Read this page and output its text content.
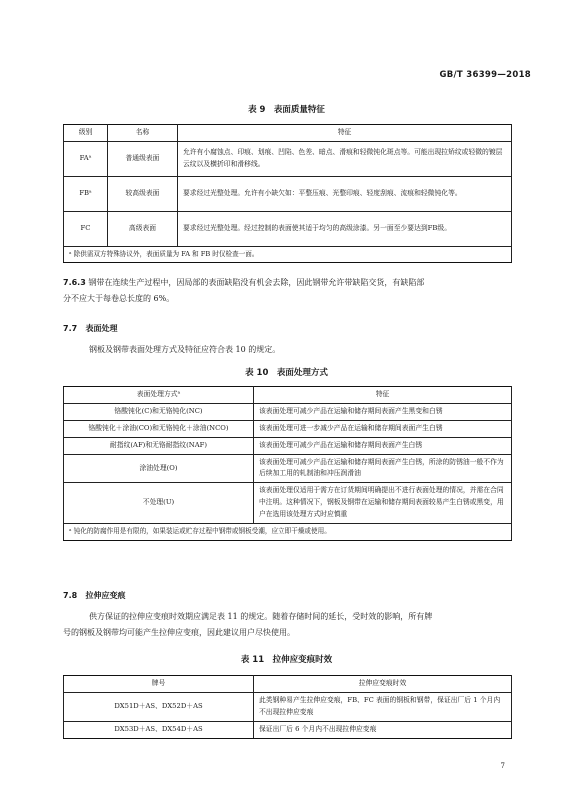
GB/T 36399—2018
表 9　表面质量特征
级别	名称	特征
FAᵃ	普通级表面	允许有小腐蚀点、印痕、划痕、凹陷、色差、暗点、滑痕和轻微钝化斑点等。可能出现拉矫纹或轻微的镀层云纹以及横折印和滑移线。
FBᵃ	较高级表面	要求经过光整处理。允许有小缺欠如：平整压痕、光整印痕、轻度刮痕、流痕和轻微钝化等。
FC	高级表面	要求经过光整处理。经过控制的表面使其适于均匀的高级涂漆。另一面至少要达到FB级。
ᵃ 除供需双方特殊协议外，表面质量为 FA 和 FB 时仅检查一面。		
7.6.3 钢带在连续生产过程中，因局部的表面缺陷没有机会去除，因此钢带允许带缺陷交货，有缺陷部
分不应大于每卷总长度的 6%。
7.7 表面处理
钢板及钢带表面处理方式及特征应符合表 10 的规定。
表 10　表面处理方式
表面处理方式ᵃ	特征
铬酸钝化(C)和无铬钝化(NC)	该表面处理可减少产品在运输和储存期间表面产生黑变和白锈
铬酸钝化＋涂油(CO)和无铬钝化＋涂油(NCO)	该表面处理可进一步减少产品在运输和储存期间表面产生白锈
耐指纹(AF)和无铬耐指纹(NAF)	该表面处理可减少产品在运输和储存期间表面产生白锈
涂油处理(O)	该表面处理可减少产品在运输和储存期间表面产生白锈，所涂的防锈油一般不作为后续加工用的轧制油和冲压润滑油
不处理(U)	该表面处理仅适用于需方在订货期间明确提出不进行表面处理的情况，并需在合同中注明。这种情况下，钢板及钢带在运输和储存期间表面较易产生白锈或黑变，用户在选用该处理方式时应慎重
ᵃ 钝化的防腐作用是有限的，如果装运或贮存过程中钢带或钢板受潮，应立即干燥或使用。	
7.8 拉伸应变痕
供方保证的拉伸应变痕时效期应满足表 11 的规定。随着存储时间的延长，受时效的影响，所有牌
号的钢板及钢带均可能产生拉伸应变痕，因此建议用户尽快使用。
表 11　拉伸应变痕时效
牌号	拉伸应变痕时效
DX51D＋AS、DX52D＋AS	此类钢种易产生拉伸应变痕，FB、FC 表面的钢板和钢带，保证出厂后 1 个月内不出现拉伸应变痕
DX53D＋AS、DX54D＋AS	保证出厂后 6 个月内不出现拉伸应变痕
7
